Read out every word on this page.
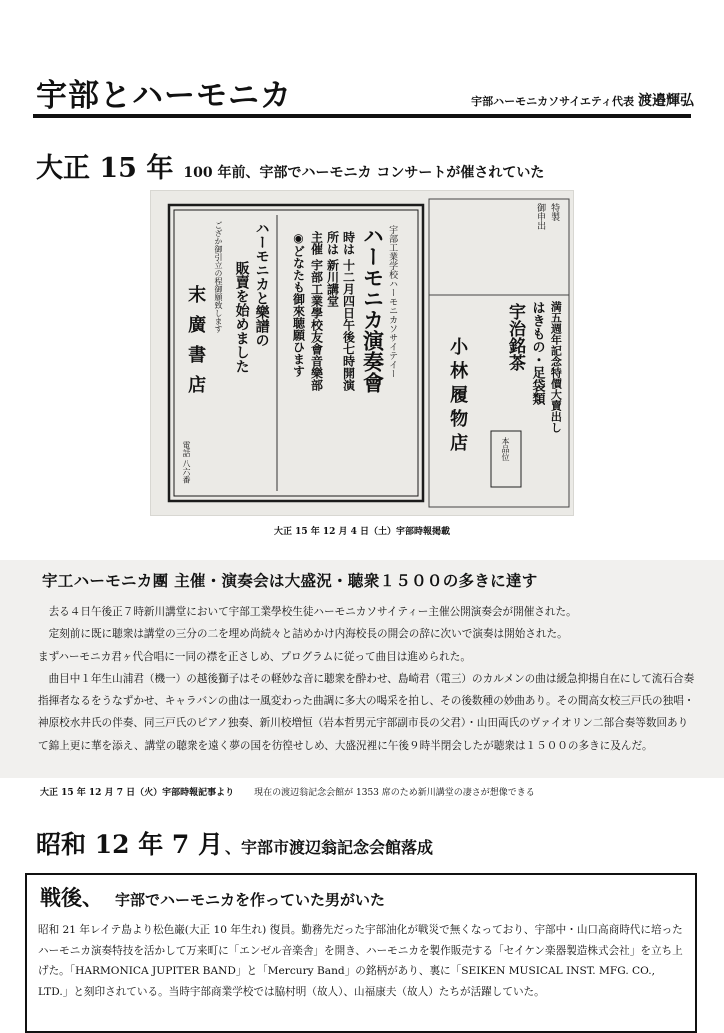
宇部とハーモニカ	宇部ハーモニカソサイエティ代表 渡邉輝弘
大正 15 年 100 年前、宇部でハーモニカ コンサートが催されていた
宇部工業学校ハーモニカソサイテイー
ハーモニカ演奏會
時は 十二月四日午後七時開演
所は 新川講堂
主催 宇部工業學校友會音樂部
◉どなたも御來聴願ひます
ハーモニカと樂譜の
販賣を始めました
ござか御引立の程御願致します
末廣書店
電話 八六番
特製
御申出
満五週年記念特價大賣出し
はきもの・足袋類
宇治銘茶
本品位
小林履物店
大正 15 年 12 月 4 日（土）宇部時報掲載
宇工ハーモニカ團 主催・演奏会は大盛況・聴衆１５００の多きに達す

去る４日午後正７時新川講堂において宇部工業學校生徒ハーモニカソサイティー主催公開演奏会が開催された。

定刻前に既に聴衆は講堂の三分の二を埋め尚続々と詰めかけ内海校長の開会の辞に次いで演奏は開始された。

まずハーモニカ君ヶ代合唱に一同の襟を正さしめ、プログラムに従って曲目は進められた。

曲目中１年生山浦君（機一）の越後獅子はその軽妙な音に聴衆を酔わせ、島崎君（電三）のカルメンの曲は緩急抑揚自在にして流石合奏指揮者なるをうなずかせ、キャラバンの曲は一風変わった曲調に多大の喝采を拍し、その後数種の妙曲あり。その間高女校三戸氏の独唱・神原校水井氏の伴奏、同三戸氏のピアノ独奏、新川校増恒（岩本哲男元宇部副市長の父君）・山田両氏のヴァイオリン二部合奏等数回ありて錦上更に華を添え、講堂の聴衆を遠く夢の国を彷徨せしめ、大盛況裡に午後９時半閉会したが聴衆は１５００の多きに及んだ。

大正 15 年 12 月 7 日（火）宇部時報記事より 現在の渡辺翁記念会館が 1353 席のため新川講堂の凄さが想像できる
昭和 12 年 7 月 、宇部市渡辺翁記念会館落成
戦後、 宇部でハーモニカを作っていた男がいた

昭和 21 年レイテ島より松色巌(大正 10 年生れ) 復員。勤務先だった宇部油化が戦災で無くなっており、宇部中・山口高商時代に培ったハーモニカ演奏特技を活かして万来町に「エンゼル音楽舎」を開き、ハーモニカを製作販売する「セイケン楽器製造株式会社」を立ち上げた。「HARMONICA JUPITER BAND」と「Mercury Band」の銘柄があり、裏に「SEIKEN MUSICAL INST. MFG. CO., LTD.」と刻印されている。当時宇部商業学校では脇村明（故人）、山福康夫（故人）たちが活躍していた。
